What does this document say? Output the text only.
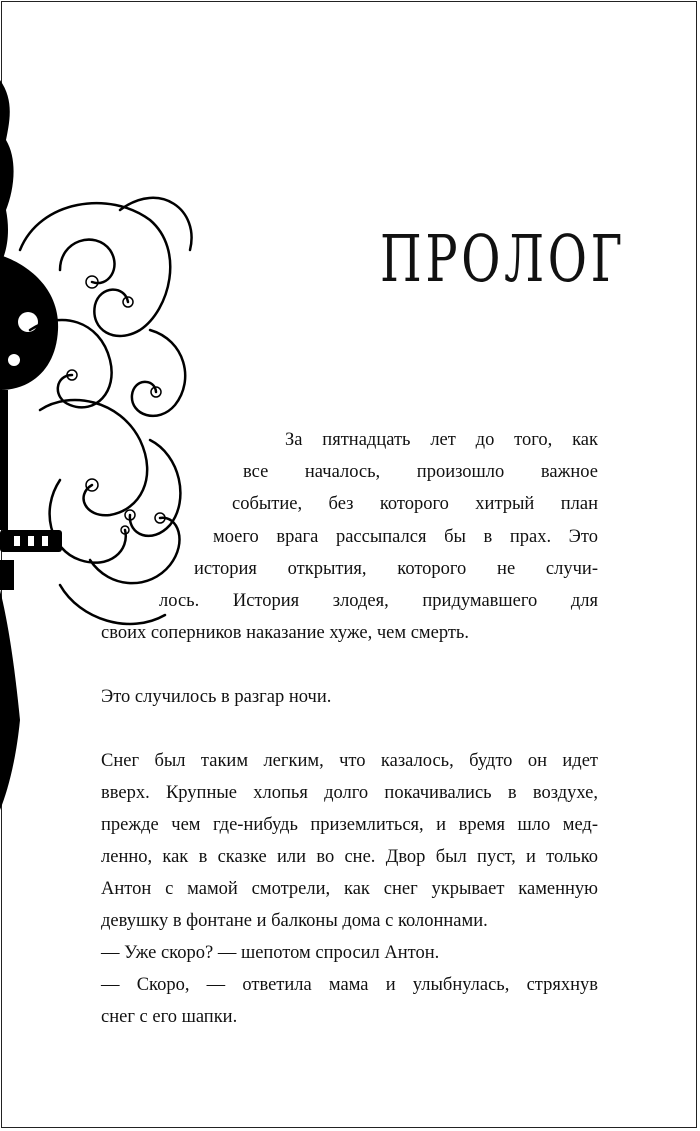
ПРОЛОГ
За пятнадцать лет до того, как
все началось, произошло важное
событие, без которого хитрый план
моего врага рассыпался бы в прах. Это
история открытия, которого не случи-
лось. История злодея, придумавшего для
своих соперников наказание хуже, чем смерть.
Это случилось в разгар ночи.
Снег был таким легким, что казалось, будто он идет
вверх. Крупные хлопья долго покачивались в воздухе,
прежде чем где-нибудь приземлиться, и время шло мед-
ленно, как в сказке или во сне. Двор был пуст, и только
Антон с мамой смотрели, как снег укрывает каменную
девушку в фонтане и балконы дома с колоннами.
— Уже скоро? — шепотом спросил Антон.
— Скоро, — ответила мама и улыбнулась, стряхнув
снег с его шапки.
